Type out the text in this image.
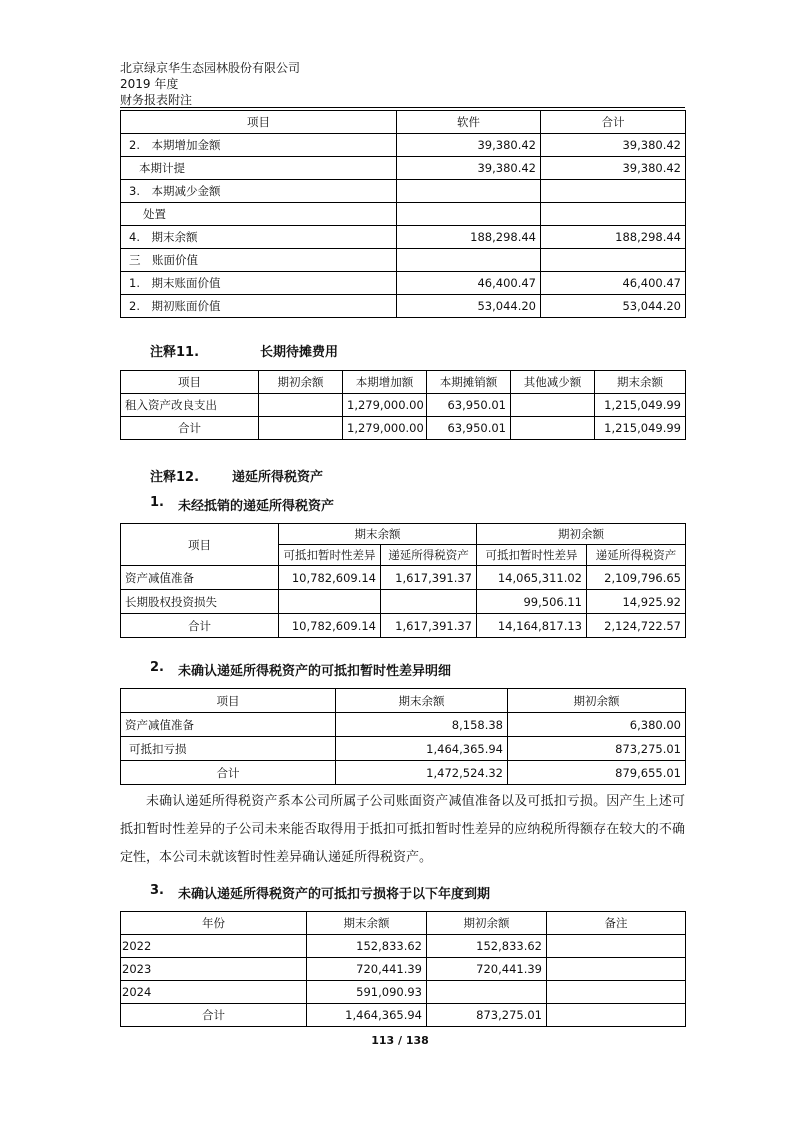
北京绿京华生态园林股份有限公司
2019 年度
财务报表附注
项目	软件	合计
2.　本期增加金额	39,380.42	39,380.42
本期计提	39,380.42	39,380.42
3.　本期减少金额		
处置		
4.　期末余额	188,298.44	188,298.44
三　账面价值		
1.　期末账面价值	46,400.47	46,400.47
2.　期初账面价值	53,044.20	53,044.20
注释11.	长期待摊费用
项目	期初余额	本期增加额	本期摊销额	其他减少额	期末余额
租入资产改良支出		1,279,000.00	63,950.01		1,215,049.99
合计		1,279,000.00	63,950.01		1,215,049.99
注释12.	递延所得税资产
1. 未经抵销的递延所得税资产
项目	期末余额		期初余额	
	可抵扣暂时性差异	递延所得税资产	可抵扣暂时性差异	递延所得税资产
资产减值准备	10,782,609.14	1,617,391.37	14,065,311.02	2,109,796.65
长期股权投资损失			99,506.11	14,925.92
合计	10,782,609.14	1,617,391.37	14,164,817.13	2,124,722.57
2. 未确认递延所得税资产的可抵扣暂时性差异明细
项目	期末余额	期初余额
资产减值准备	8,158.38	6,380.00
可抵扣亏损	1,464,365.94	873,275.01
合计	1,472,524.32	879,655.01
未确认递延所得税资产系本公司所属子公司账面资产减值准备以及可抵扣亏损。因产生上述可抵扣暂时性差异的子公司未来能否取得用于抵扣可抵扣暂时性差异的应纳税所得额存在较大的不确定性，本公司未就该暂时性差异确认递延所得税资产。
3. 未确认递延所得税资产的可抵扣亏损将于以下年度到期
年份	期末余额	期初余额	备注
2022	152,833.62	152,833.62	
2023	720,441.39	720,441.39	
2024	591,090.93		
合计	1,464,365.94	873,275.01	
113 / 138
